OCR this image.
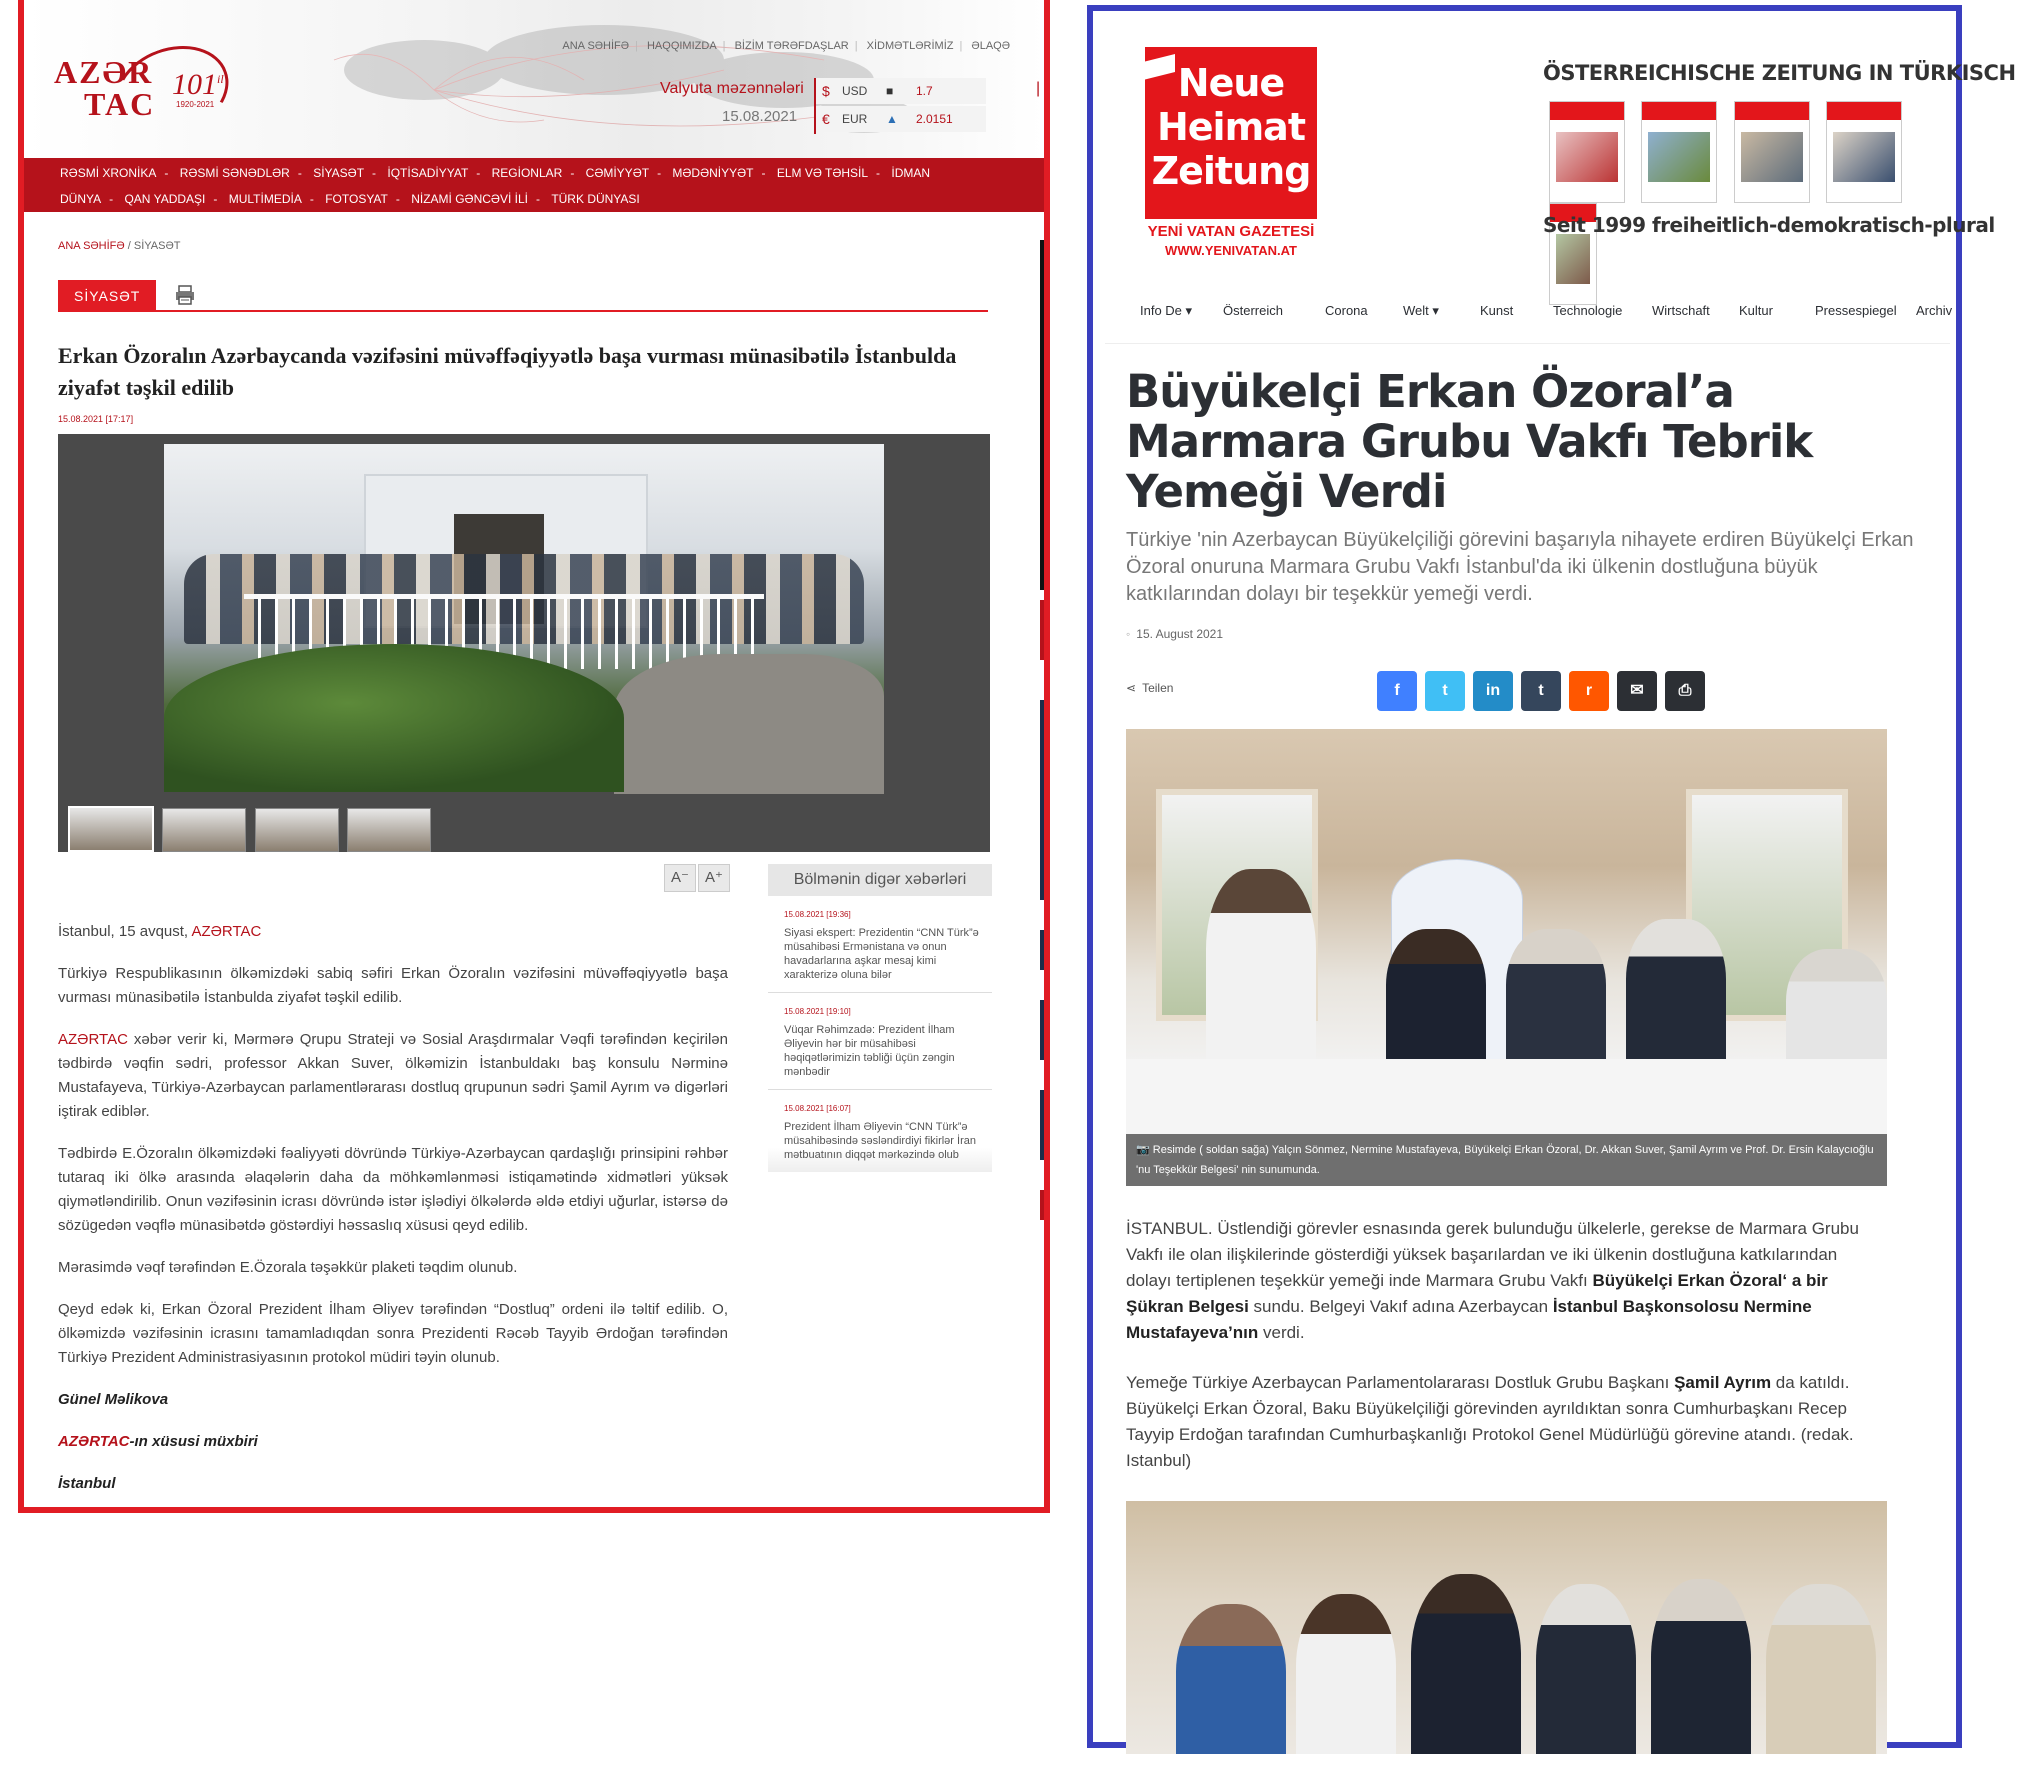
AZƏR
TAC
$101^{il}$
1920-2021
ANA SƏHİFƏ | HAQQIMIZDA | BİZİM TƏRƏFDAŞLAR | XİDMƏTLƏRİMİZ | ƏLAQƏ
Valyuta məzənnələri
15.08.2021
$ USD ■ 1.7
€ EUR ▲ 2.0151
|
RƏSMİ XRONİKA - RƏSMİ SƏNƏDLƏR - SİYASƏT - İQTİSADİYYAT - REGİONLAR - CƏMİYYƏT - MƏDƏNİYYƏT - ELM VƏ TƏHSİL - İDMAN
DÜNYA - QAN YADDAŞI - MULTİMEDİA - FOTOSYAT - NİZAMİ GƏNCƏVİ İLİ - TÜRK DÜNYASI
ANA SƏHİFƏ / SİYASƏT
SİYASƏT
Erkan Özoralın Azərbaycanda vəzifəsini müvəffəqiyyətlə başa vurması münasibətilə İstanbulda ziyafət təşkil edilib
15.08.2021 [17:17]

A⁻ A⁺

İstanbul, 15 avqust, AZƏRTAC

Türkiyə Respublikasının ölkəmizdəki sabiq səfiri Erkan Özoralın vəzifəsini müvəffəqiyyətlə başa vurması münasibətilə İstanbulda ziyafət təşkil edilib.

AZƏRTAC xəbər verir ki, Mərmərə Qrupu Strateji və Sosial Araşdırmalar Vəqfi tərəfindən keçirilən tədbirdə vəqfin sədri, professor Akkan Suver, ölkəmizin İstanbuldakı baş konsulu Nərminə Mustafayeva, Türkiyə-Azərbaycan parlamentlərarası dostluq qrupunun sədri Şamil Ayrım və digərləri iştirak ediblər.

Tədbirdə E.Özoralın ölkəmizdəki fəaliyyəti dövründə Türkiyə-Azərbaycan qardaşlığı prinsipini rəhbər tutaraq iki ölkə arasında əlaqələrin daha da möhkəmlənməsi istiqamətində xidmətləri yüksək qiymətləndirilib. Onun vəzifəsinin icrası dövründə istər işlədiyi ölkələrdə əldə etdiyi uğurlar, istərsə də sözügedən vəqflə münasibətdə göstərdiyi həssaslıq xüsusi qeyd edilib.

Mərasimdə vəqf tərəfindən E.Özorala təşəkkür plaketi təqdim olunub.

Qeyd edək ki, Erkan Özoral Prezident İlham Əliyev tərəfindən “Dostluq” ordeni ilə təltif edilib. O, ölkəmizdə vəzifəsinin icrasını tamamladıqdan sonra Prezidenti Rəcəb Tayyib Ərdoğan tərəfindən Türkiyə Prezident Administrasiyasının protokol müdiri təyin olunub.

Günel Məlikova

AZƏRTAC-ın xüsusi müxbiri

İstanbul

Bölmənin digər xəbərləri
15.08.2021 [19:36]
Siyasi ekspert: Prezidentin “CNN Türk”ə müsahibəsi Ermənistana və onun havadarlarına aşkar mesaj kimi xarakterizə oluna bilər
15.08.2021 [19:10]
Vüqar Rəhimzadə: Prezident İlham Əliyevin hər bir müsahibəsi həqiqətlərimizin təbliği üçün zəngin mənbədir
15.08.2021 [16:07]
Prezident İlham Əliyevin “CNN Türk”ə müsahibəsində səsləndirdiyi fikirlər İran mətbuatının diqqət mərkəzində olub
Neue
Heimat
Zeitung
YENİ VATAN GAZETESİ
WWW.YENIVATAN.AT
ÖSTERREICHISCHE ZEITUNG IN TÜRKISCH

Seit 1999 freiheitlich-demokratisch-plural
Info De ▾ Österreich	Corona	Welt ▾	Kunst	Technologie Wirtschaft Kultur	Pressespiegel Archiv
Büyükelçi Erkan Özoral’a Marmara Grubu Vakfı Tebrik Yemeği Verdi
Türkiye 'nin Azerbaycan Büyükelçiliği görevini başarıyla nihayete erdiren Büyükelçi Erkan Özoral onuruna Marmara Grubu Vakfı İstanbul'da iki ülkenin dostluğuna büyük katkılarından dolayı bir teşekkür yemeği verdi.
◦ 15. August 2021
⋖ Teilen	f	t in t	r ✉ ⎙
📷 Resimde ( soldan sağa) Yalçın Sönmez, Nermine Mustafayeva, Büyükelçi Erkan Özoral, Dr. Akkan Suver, Şamil Ayrım ve Prof. Dr. Ersin Kalaycıoğlu 'nu Teşekkür Belgesi' nin sunumunda.

İSTANBUL. Üstlendiği görevler esnasında gerek bulunduğu ülkelerle, gerekse de Marmara Grubu Vakfı ile olan ilişkilerinde gösterdiği yüksek başarılardan ve iki ülkenin dostluğuna katkılarından dolayı tertiplenen teşekkür yemeği inde Marmara Grubu Vakfı Büyükelçi Erkan Özoral‘ a bir Şükran Belgesi sundu. Belgeyi Vakıf adına Azerbaycan İstanbul Başkonsolosu Nermine Mustafayeva’nın verdi.

Yemeğe Türkiye Azerbaycan Parlamentolararası Dostluk Grubu Başkanı Şamil Ayrım da katıldı. Büyükelçi Erkan Özoral, Baku Büyükelçiliği görevinden ayrıldıktan sonra Cumhurbaşkanı Recep Tayyip Erdoğan tarafından Cumhurbaşkanlığı Protokol Genel Müdürlüğü görevine atandı. (redak. Istanbul)
